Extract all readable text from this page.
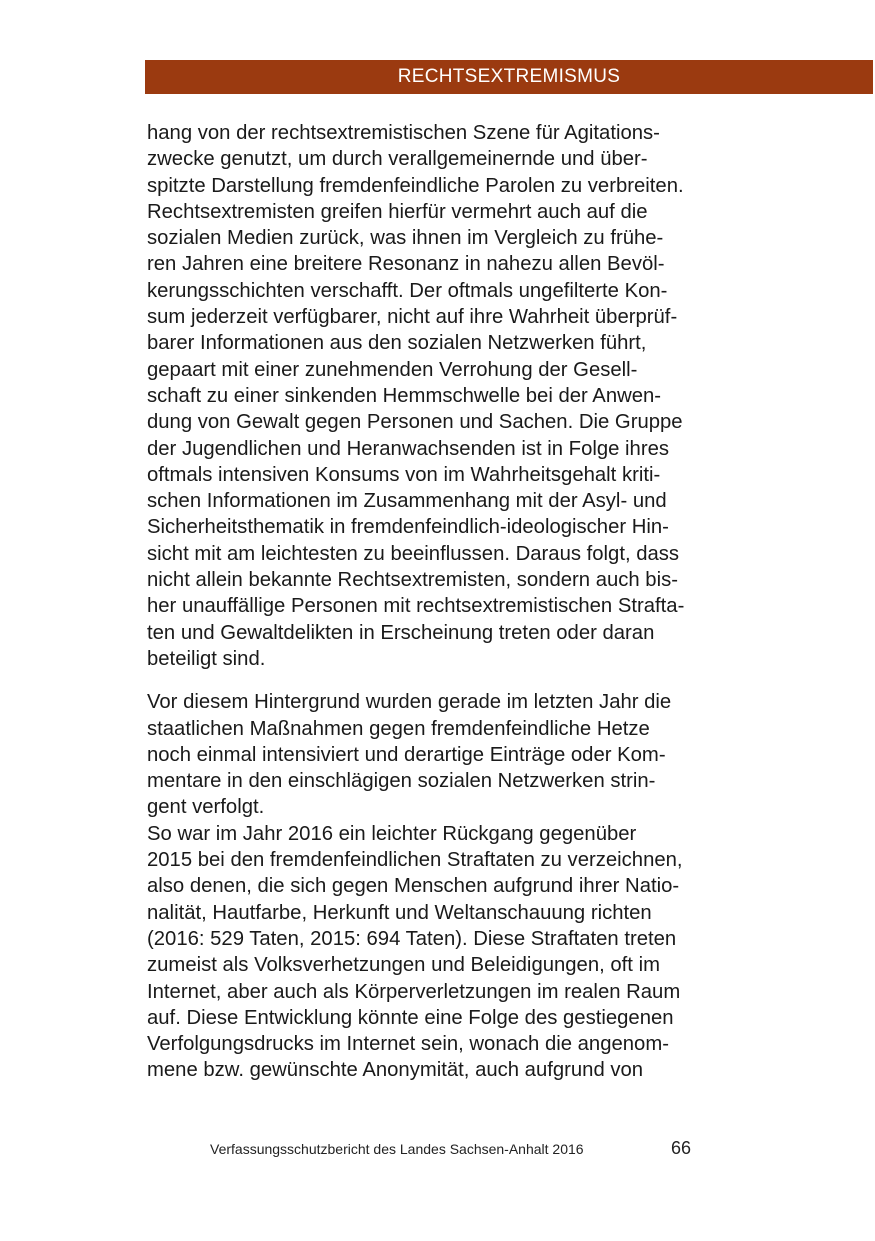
RECHTSEXTREMISMUS

hang von der rechtsextremistischen Szene für Agitations-
zwecke genutzt, um durch verallgemeinernde und über-
spitzte Darstellung fremdenfeindliche Parolen zu verbreiten.
Rechtsextremisten greifen hierfür vermehrt auch auf die
sozialen Medien zurück, was ihnen im Vergleich zu frühe-
ren Jahren eine breitere Resonanz in nahezu allen Bevöl-
kerungsschichten verschafft. Der oftmals ungefilterte Kon-
sum jederzeit verfügbarer, nicht auf ihre Wahrheit überprüf-
barer Informationen aus den sozialen Netzwerken führt,
gepaart mit einer zunehmenden Verrohung der Gesell-
schaft zu einer sinkenden Hemmschwelle bei der Anwen-
dung von Gewalt gegen Personen und Sachen. Die Gruppe
der Jugendlichen und Heranwachsenden ist in Folge ihres
oftmals intensiven Konsums von im Wahrheitsgehalt kriti-
schen Informationen im Zusammenhang mit der Asyl- und
Sicherheitsthematik in fremdenfeindlich-ideologischer Hin-
sicht mit am leichtesten zu beeinflussen. Daraus folgt, dass
nicht allein bekannte Rechtsextremisten, sondern auch bis-
her unauffällige Personen mit rechtsextremistischen Strafta-
ten und Gewaltdelikten in Erscheinung treten oder daran
beteiligt sind.

Vor diesem Hintergrund wurden gerade im letzten Jahr die
staatlichen Maßnahmen gegen fremdenfeindliche Hetze
noch einmal intensiviert und derartige Einträge oder Kom-
mentare in den einschlägigen sozialen Netzwerken strin-
gent verfolgt.
So war im Jahr 2016 ein leichter Rückgang gegenüber
2015 bei den fremdenfeindlichen Straftaten zu verzeichnen,
also denen, die sich gegen Menschen aufgrund ihrer Natio-
nalität, Hautfarbe, Herkunft und Weltanschauung richten
(2016: 529 Taten, 2015: 694 Taten). Diese Straftaten treten
zumeist als Volksverhetzungen und Beleidigungen, oft im
Internet, aber auch als Körperverletzungen im realen Raum
auf. Diese Entwicklung könnte eine Folge des gestiegenen
Verfolgungsdrucks im Internet sein, wonach die angenom-
mene bzw. gewünschte Anonymität, auch aufgrund von

Verfassungsschutzbericht des Landes Sachsen-Anhalt 2016	66
